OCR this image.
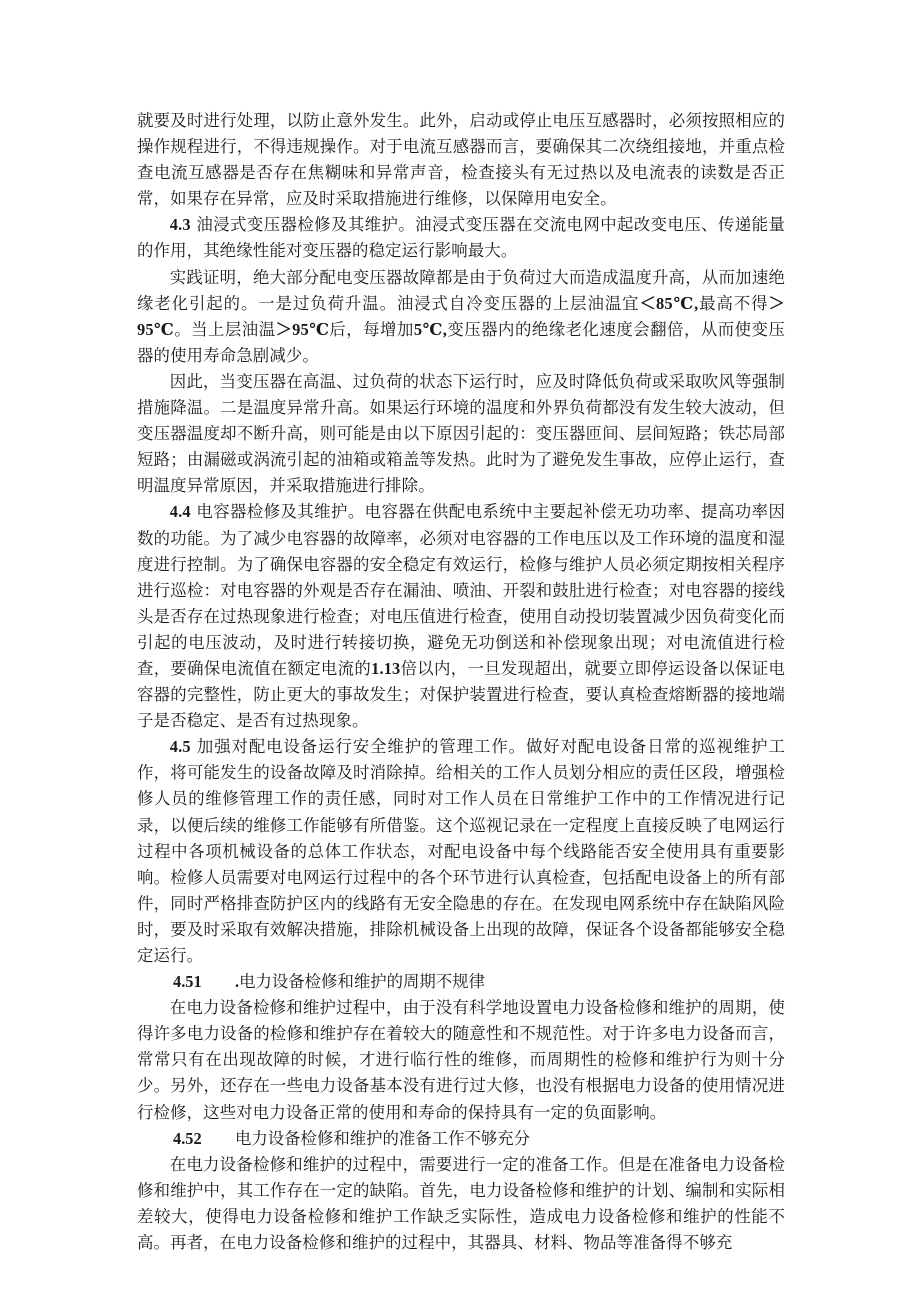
就要及时进行处理，以防止意外发生。此外，启动或停止电压互感器时，必须按照相应的操作规程进行，不得违规操作。对于电流互感器而言，要确保其二次绕组接地，并重点检查电流互感器是否存在焦糊味和异常声音，检查接头有无过热以及电流表的读数是否正常，如果存在异常，应及时采取措施进行维修，以保障用电安全。

4.3 油浸式变压器检修及其维护。油浸式变压器在交流电网中起改变电压、传递能量的作用，其绝缘性能对变压器的稳定运行影响最大。

实践证明，绝大部分配电变压器故障都是由于负荷过大而造成温度升高，从而加速绝缘老化引起的。一是过负荷升温。油浸式自冷变压器的上层油温宜＜85℃,最高不得＞95℃。当上层油温＞95℃后，每增加5℃,变压器内的绝缘老化速度会翻倍，从而使变压器的使用寿命急剧减少。

因此，当变压器在高温、过负荷的状态下运行时，应及时降低负荷或采取吹风等强制措施降温。二是温度异常升高。如果运行环境的温度和外界负荷都没有发生较大波动，但变压器温度却不断升高，则可能是由以下原因引起的：变压器匝间、层间短路；铁芯局部短路；由漏磁或涡流引起的油箱或箱盖等发热。此时为了避免发生事故，应停止运行，查明温度异常原因，并采取措施进行排除。

4.4 电容器检修及其维护。电容器在供配电系统中主要起补偿无功功率、提高功率因数的功能。为了减少电容器的故障率，必须对电容器的工作电压以及工作环境的温度和湿度进行控制。为了确保电容器的安全稳定有效运行，检修与维护人员必须定期按相关程序进行巡检：对电容器的外观是否存在漏油、喷油、开裂和鼓肚进行检查；对电容器的接线头是否存在过热现象进行检查；对电压值进行检查，使用自动投切装置减少因负荷变化而引起的电压波动，及时进行转接切换，避免无功倒送和补偿现象出现；对电流值进行检查，要确保电流值在额定电流的1.13倍以内，一旦发现超出，就要立即停运设备以保证电容器的完整性，防止更大的事故发生；对保护装置进行检查，要认真检查熔断器的接地端子是否稳定、是否有过热现象。

4.5 加强对配电设备运行安全维护的管理工作。做好对配电设备日常的巡视维护工作，将可能发生的设备故障及时消除掉。给相关的工作人员划分相应的责任区段，增强检修人员的维修管理工作的责任感，同时对工作人员在日常维护工作中的工作情况进行记录，以便后续的维修工作能够有所借鉴。这个巡视记录在一定程度上直接反映了电网运行过程中各项机械设备的总体工作状态，对配电设备中每个线路能否安全使用具有重要影响。检修人员需要对电网运行过程中的各个环节进行认真检查，包括配电设备上的所有部件，同时严格排查防护区内的线路有无安全隐患的存在。在发现电网系统中存在缺陷风险时，要及时采取有效解决措施，排除机械设备上出现的故障，保证各个设备都能够安全稳定运行。

4.51	. 电力设备检修和维护的周期不规律

在电力设备检修和维护过程中，由于没有科学地设置电力设备检修和维护的周期，使得许多电力设备的检修和维护存在着较大的随意性和不规范性。对于许多电力设备而言，常常只有在出现故障的时候，才进行临行性的维修，而周期性的检修和维护行为则十分少。另外，还存在一些电力设备基本没有进行过大修，也没有根据电力设备的使用情况进行检修，这些对电力设备正常的使用和寿命的保持具有一定的负面影响。

4.52	电力设备检修和维护的准备工作不够充分

在电力设备检修和维护的过程中，需要进行一定的准备工作。但是在准备电力设备检修和维护中，其工作存在一定的缺陷。首先，电力设备检修和维护的计划、编制和实际相差较大，使得电力设备检修和维护工作缺乏实际性，造成电力设备检修和维护的性能不高。再者，在电力设备检修和维护的过程中，其器具、材料、物品等准备得不够充
